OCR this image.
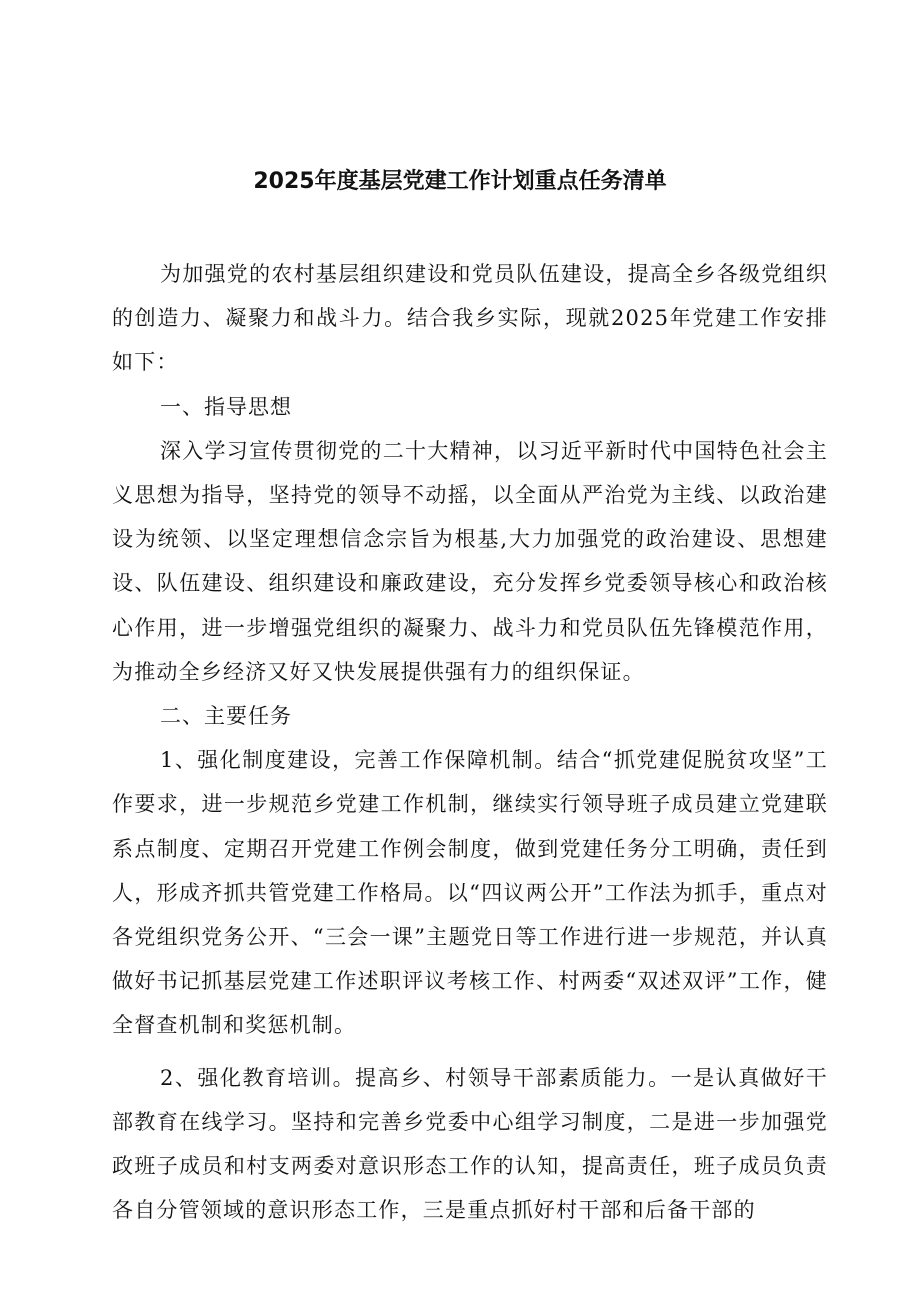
2025年度基层党建工作计划重点任务清单

为加强党的农村基层组织建设和党员队伍建设，提高全乡各级党组织的创造力、凝聚力和战斗力。结合我乡实际，现就2025年党建工作安排如下：

一、指导思想

深入学习宣传贯彻党的二十大精神，以习近平新时代中国特色社会主义思想为指导，坚持党的领导不动摇，以全面从严治党为主线、以政治建设为统领、以坚定理想信念宗旨为根基,大力加强党的政治建设、思想建设、队伍建设、组织建设和廉政建设，充分发挥乡党委领导核心和政治核心作用，进一步增强党组织的凝聚力、战斗力和党员队伍先锋模范作用，为推动全乡经济又好又快发展提供强有力的组织保证。

二、主要任务

1、强化制度建设，完善工作保障机制。结合“抓党建促脱贫攻坚”工作要求，进一步规范乡党建工作机制，继续实行领导班子成员建立党建联系点制度、定期召开党建工作例会制度，做到党建任务分工明确，责任到人，形成齐抓共管党建工作格局。以“四议两公开”工作法为抓手，重点对各党组织党务公开、“三会一课”主题党日等工作进行进一步规范，并认真做好书记抓基层党建工作述职评议考核工作、村两委“双述双评”工作，健全督查机制和奖惩机制。

2、强化教育培训。提高乡、村领导干部素质能力。一是认真做好干部教育在线学习。坚持和完善乡党委中心组学习制度，二是进一步加强党政班子成员和村支两委对意识形态工作的认知，提高责任，班子成员负责各自分管领域的意识形态工作，三是重点抓好村干部和后备干部的
